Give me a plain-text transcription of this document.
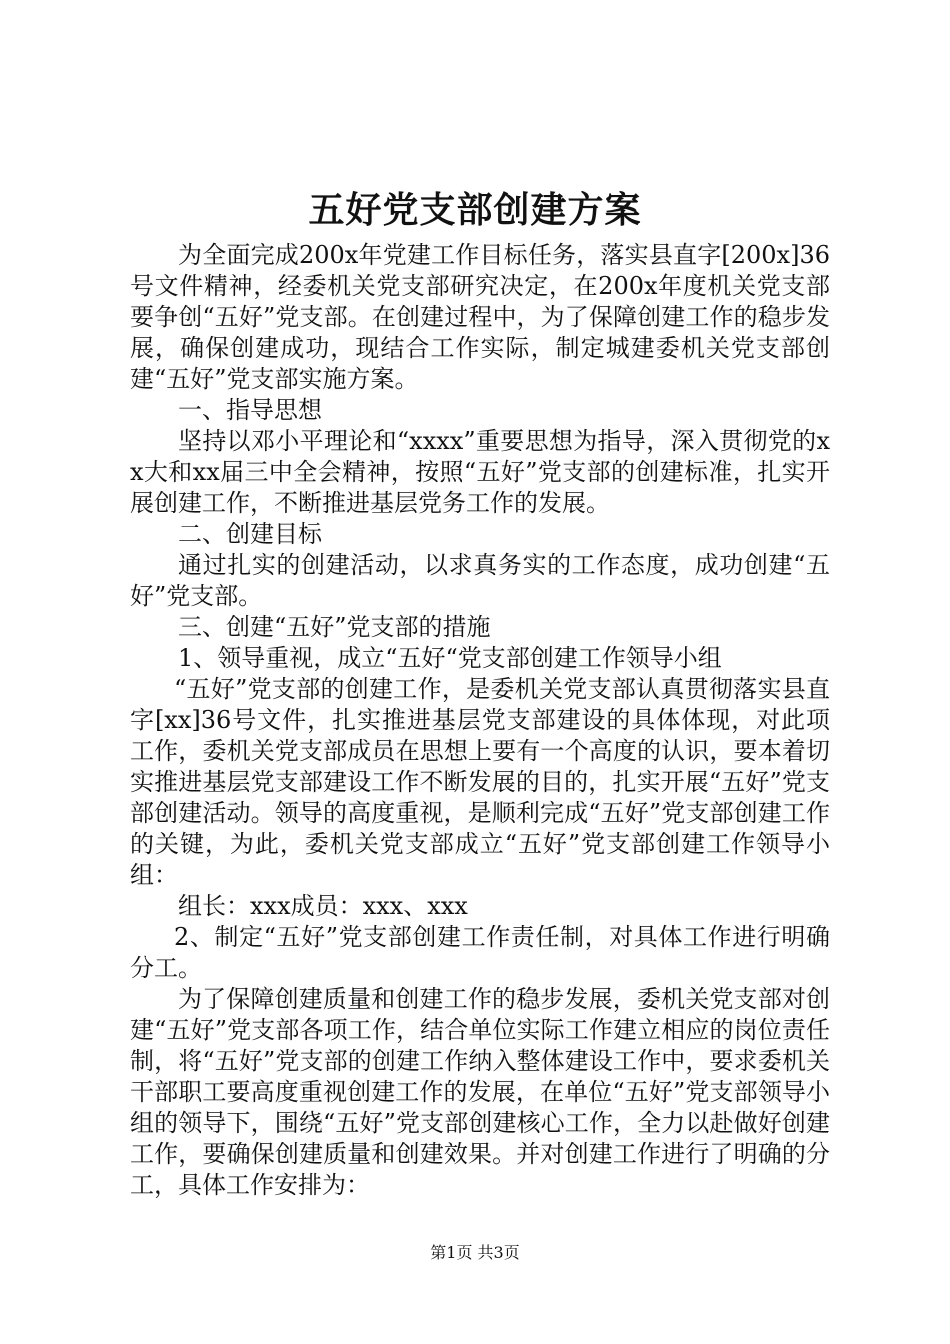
五好党支部创建方案

为全面完成200x年党建工作目标任务，落实县直字[200x]36号文件精神，经委机关党支部研究决定，在200x年度机关党支部要争创“五好”党支部。在创建过程中，为了保障创建工作的稳步发展，确保创建成功，现结合工作实际，制定城建委机关党支部创建“五好”党支部实施方案。

一、指导思想

坚持以邓小平理论和“xxxx”重要思想为指导，深入贯彻党的xx大和xx届三中全会精神，按照“五好”党支部的创建标准，扎实开展创建工作，不断推进基层党务工作的发展。

二、创建目标

通过扎实的创建活动，以求真务实的工作态度，成功创建“五好”党支部。

三、创建“五好”党支部的措施

1、领导重视，成立“五好“党支部创建工作领导小组

“五好”党支部的创建工作，是委机关党支部认真贯彻落实县直字[xx]36号文件，扎实推进基层党支部建设的具体体现，对此项工作，委机关党支部成员在思想上要有一个高度的认识，要本着切实推进基层党支部建设工作不断发展的目的，扎实开展“五好”党支部创建活动。领导的高度重视，是顺利完成“五好”党支部创建工作的关键，为此，委机关党支部成立“五好”党支部创建工作领导小组：

组长：xxx成员：xxx、xxx

2、制定“五好”党支部创建工作责任制，对具体工作进行明确分工。

为了保障创建质量和创建工作的稳步发展，委机关党支部对创建“五好”党支部各项工作，结合单位实际工作建立相应的岗位责任制，将“五好”党支部的创建工作纳入整体建设工作中，要求委机关干部职工要高度重视创建工作的发展，在单位“五好”党支部领导小组的领导下，围绕“五好”党支部创建核心工作，全力以赴做好创建工作，要确保创建质量和创建效果。并对创建工作进行了明确的分工，具体工作安排为：

第1页 共3页
